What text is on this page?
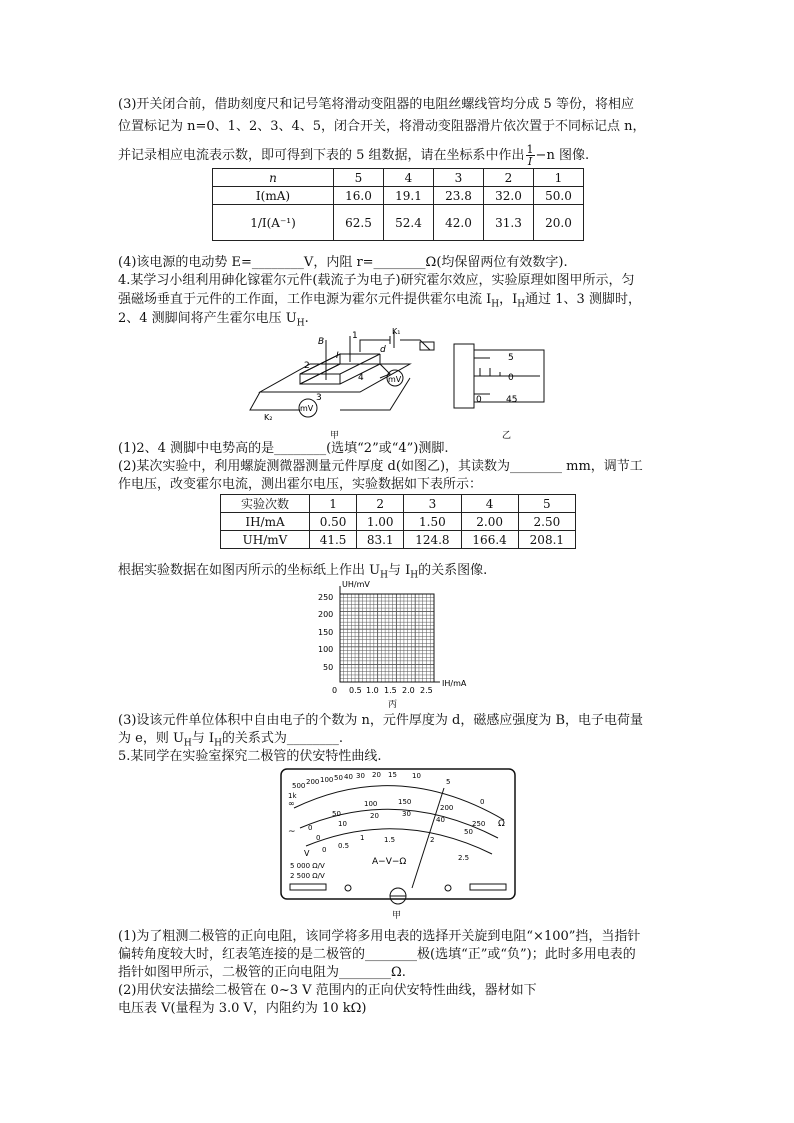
(3)开关闭合前，借助刻度尺和记号笔将滑动变阻器的电阻丝螺线管均分成 5 等份，将相应
位置标记为 n=0、1、2、3、4、5，闭合开关，将滑动变阻器滑片依次置于不同标记点 n，
并记录相应电流表示数，即可得到下表的 5 组数据，请在坐标系中作出 $\frac{1}{I} -n$ 图像.
n	5	4	3	2	1
I(mA)	16.0	19.1	23.8	32.0	50.0
1/I(A⁻¹)	62.5	52.4	42.0	31.3	20.0
(4)该电源的电动势 E=________V，内阻 r=________Ω(均保留两位有效数字).
4.某学习小组利用砷化镓霍尔元件(载流子为电子)研究霍尔效应，实验原理如图甲所示，匀
强磁场垂直于元件的工作面，工作电源为霍尔元件提供霍尔电流 $I_H$，$I_H$通过 1、3 测脚时，
2、4 测脚间将产生霍尔电压 $U_H$.
B
1
2
3
4
d
I
K₁
K₂
mV
mV
甲
5
0
45
0
乙
(1)2、4 测脚中电势高的是________(选填“2”或“4”)测脚.
(2)某次实验中，利用螺旋测微器测量元件厚度 d(如图乙)，其读数为________ mm，调节工
作电压，改变霍尔电流，测出霍尔电压，实验数据如下表所示：
实验次数	1	2	3	4	5
IH/mA	0.50	1.00	1.50	2.00	2.50
UH/mV	41.5	83.1	124.8	166.4	208.1
根据实验数据在如图丙所示的坐标纸上作出 $U_H$与 $I_H$的关系图像.
UH/mV
IH/mA
250
200
150
100
50
0 0.5 1.0 1.5 2.0 2.5
丙
(3)设该元件单位体积中自由电子的个数为 n，元件厚度为 d，磁感应强度为 B，电子电荷量
为 e，则 $U_H$与 $I_H$的关系式为________.
5.某同学在实验室探究二极管的伏安特性曲线.
∞
1k
500 200 100 50 40 30 20 15 10
5
0
Ω
0
50
100	150
200
250
0
10
20	30
40
50
0 0.5
1	1.5	2
2.5
A−V−Ω
~
V
5 000 Ω/V
2 500 Ω/V
甲
(1)为了粗测二极管的正向电阻，该同学将多用电表的选择开关旋到电阻“×100”挡，当指针
偏转角度较大时，红表笔连接的是二极管的________极(选填“正”或“负”)；此时多用电表的
指针如图甲所示，二极管的正向电阻为________Ω.
(2)用伏安法描绘二极管在 0~3 V 范围内的正向伏安特性曲线，器材如下
电压表 V(量程为 3.0 V，内阻约为 10 kΩ)
